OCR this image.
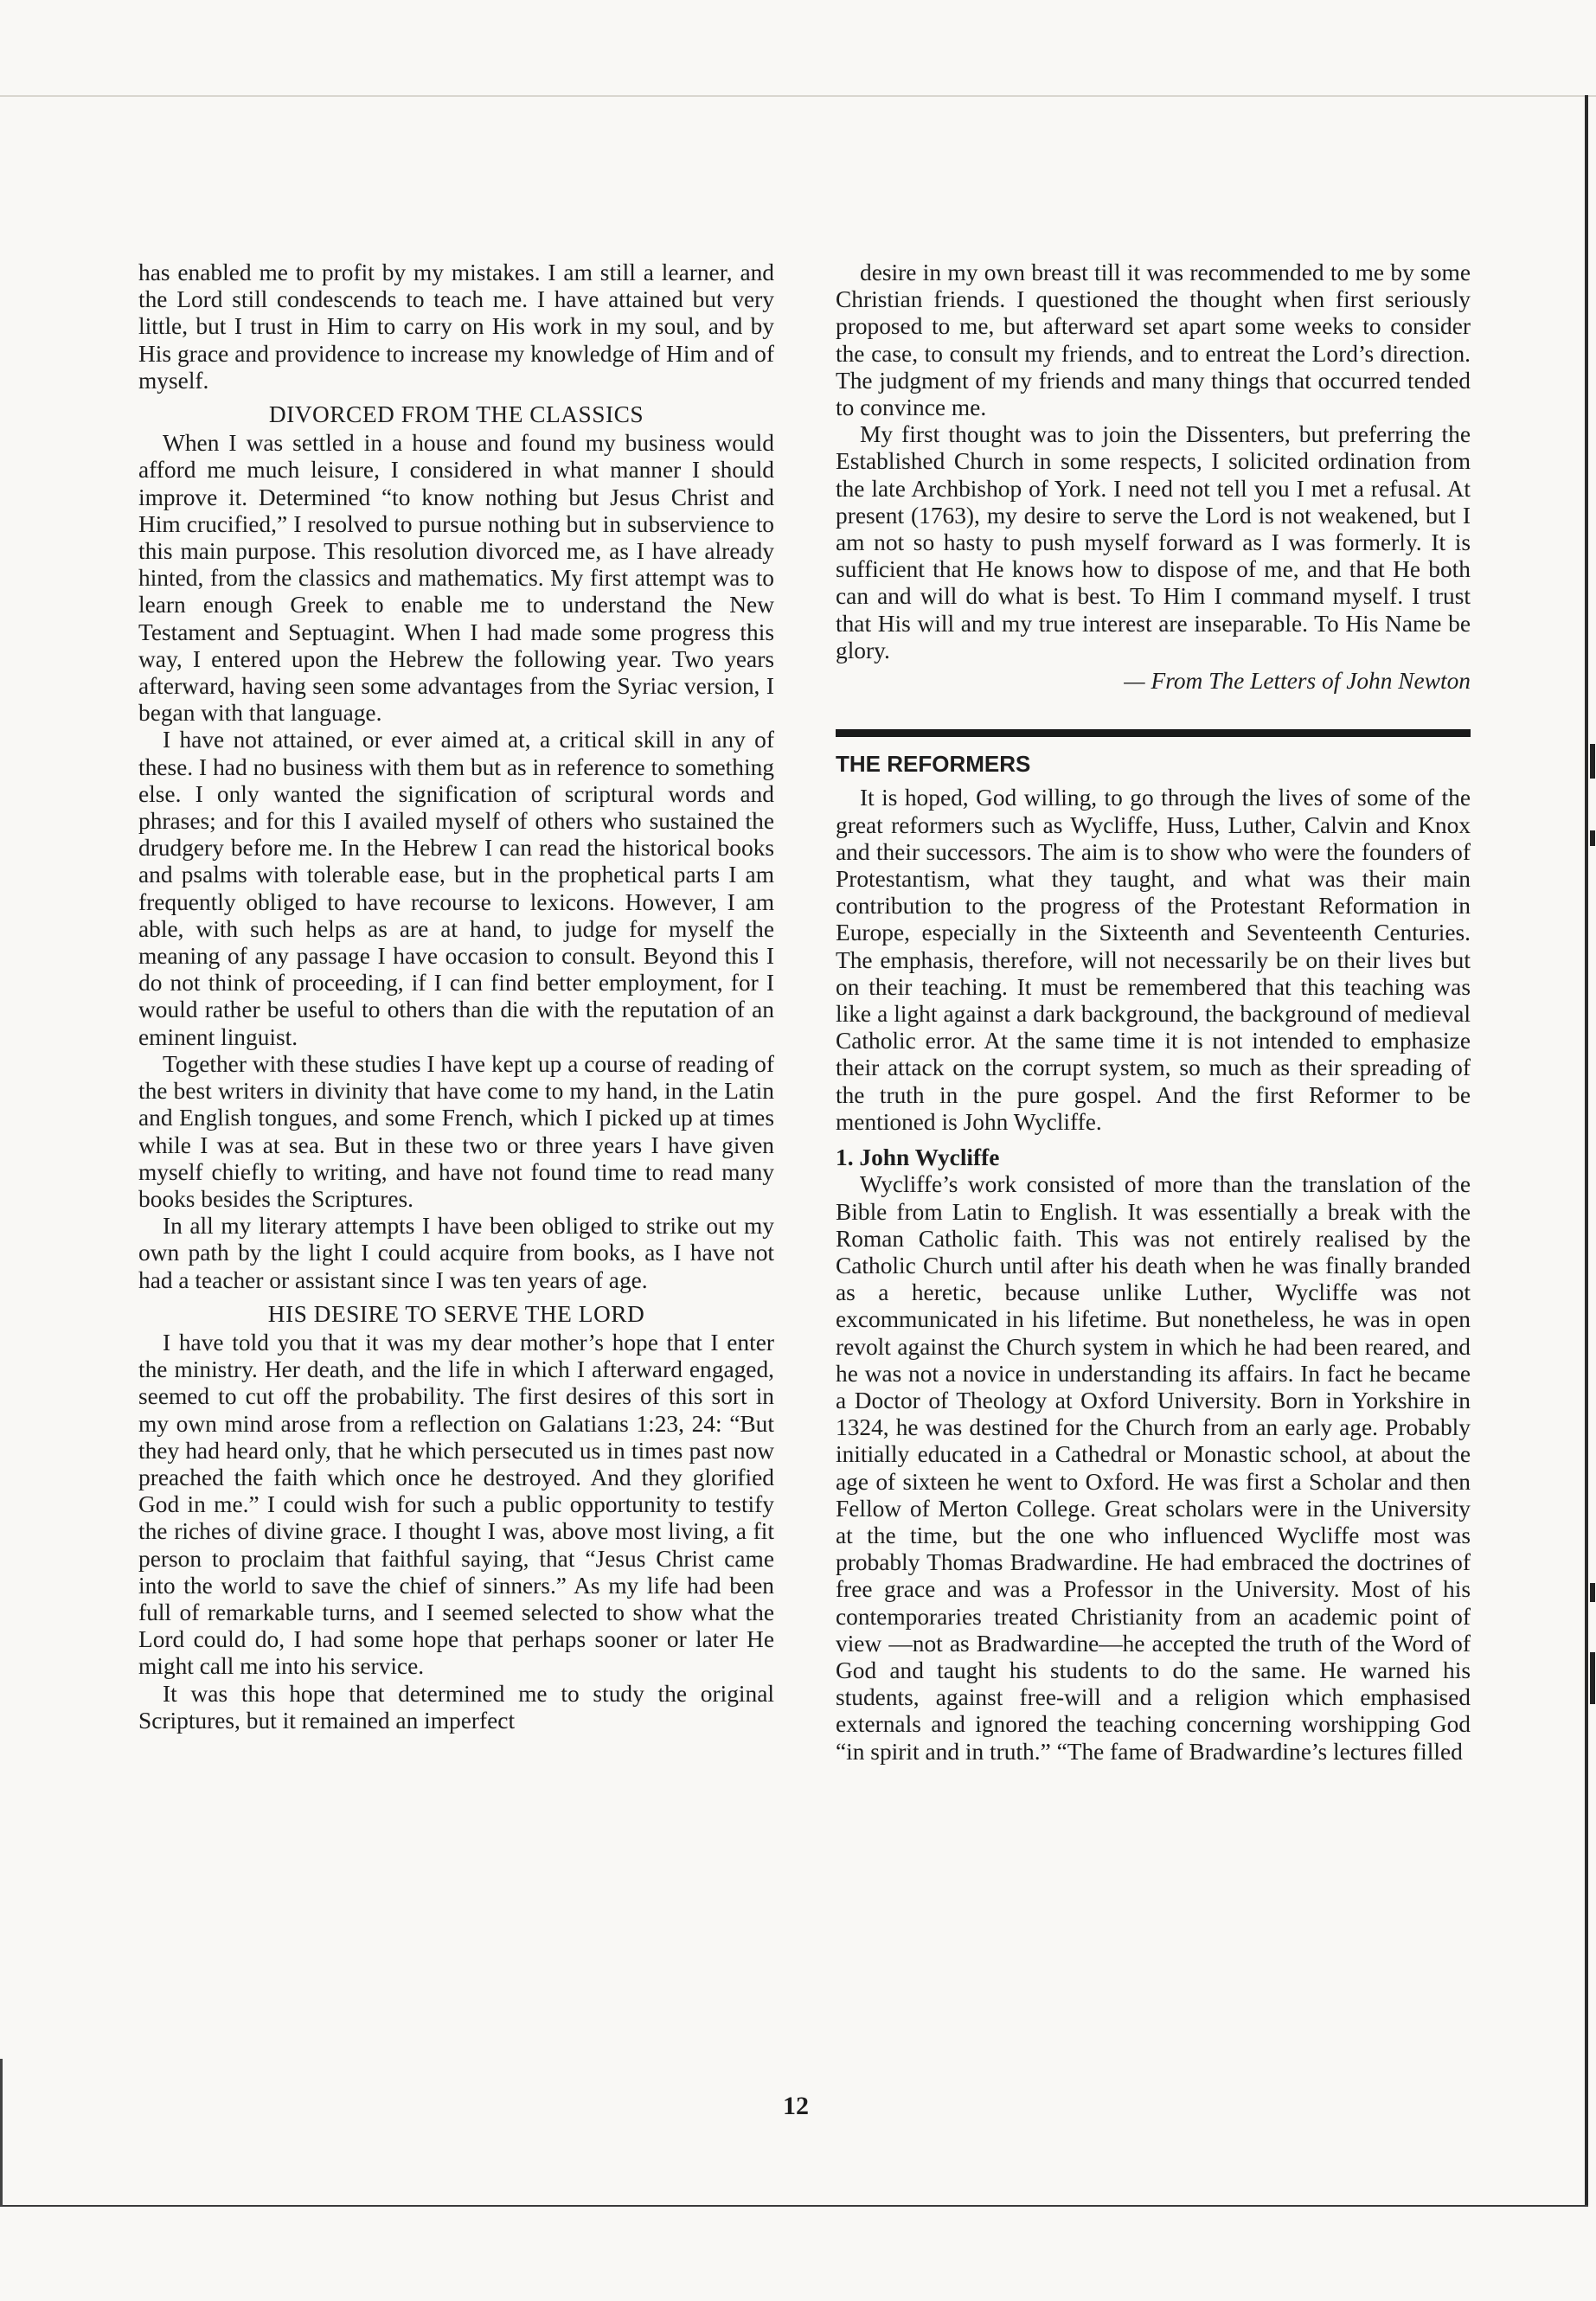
has enabled me to profit by my mistakes. I am still a learner, and the Lord still condescends to teach me. I have attained but very little, but I trust in Him to carry on His work in my soul, and by His grace and providence to increase my knowledge of Him and of myself.

DIVORCED FROM THE CLASSICS

When I was settled in a house and found my business would afford me much leisure, I considered in what manner I should improve it. Determined “to know nothing but Jesus Christ and Him crucified,” I resolved to pursue nothing but in subservience to this main purpose. This resolution divorced me, as I have already hinted, from the classics and mathematics. My first attempt was to learn enough Greek to enable me to understand the New Testament and Septuagint. When I had made some progress this way, I entered upon the Hebrew the following year. Two years afterward, having seen some advantages from the Syriac version, I began with that language.

I have not attained, or ever aimed at, a critical skill in any of these. I had no business with them but as in reference to something else. I only wanted the signification of scriptural words and phrases; and for this I availed myself of others who sustained the drudgery before me. In the Hebrew I can read the historical books and psalms with tolerable ease, but in the prophetical parts I am frequently obliged to have recourse to lexicons. However, I am able, with such helps as are at hand, to judge for myself the meaning of any passage I have occasion to consult. Beyond this I do not think of proceeding, if I can find better employment, for I would rather be useful to others than die with the reputation of an eminent linguist.

Together with these studies I have kept up a course of reading of the best writers in divinity that have come to my hand, in the Latin and English tongues, and some French, which I picked up at times while I was at sea. But in these two or three years I have given myself chiefly to writing, and have not found time to read many books besides the Scriptures.

In all my literary attempts I have been obliged to strike out my own path by the light I could acquire from books, as I have not had a teacher or assistant since I was ten years of age.

HIS DESIRE TO SERVE THE LORD

I have told you that it was my dear mother’s hope that I enter the ministry. Her death, and the life in which I afterward engaged, seemed to cut off the probability. The first desires of this sort in my own mind arose from a reflection on Galatians 1:23, 24: “But they had heard only, that he which persecuted us in times past now preached the faith which once he destroyed. And they glorified God in me.” I could wish for such a public opportunity to testify the riches of divine grace. I thought I was, above most living, a fit person to proclaim that faithful saying, that “Jesus Christ came into the world to save the chief of sinners.” As my life had been full of remarkable turns, and I seemed selected to show what the Lord could do, I had some hope that perhaps sooner or later He might call me into his service.

It was this hope that determined me to study the original Scriptures, but it remained an imperfect

desire in my own breast till it was recommended to me by some Christian friends. I questioned the thought when first seriously proposed to me, but afterward set apart some weeks to consider the case, to consult my friends, and to entreat the Lord’s direction. The judgment of my friends and many things that occurred tended to convince me.

My first thought was to join the Dissenters, but preferring the Established Church in some respects, I solicited ordination from the late Archbishop of York. I need not tell you I met a refusal. At present (1763), my desire to serve the Lord is not weakened, but I am not so hasty to push myself forward as I was formerly. It is sufficient that He knows how to dispose of me, and that He both can and will do what is best. To Him I command myself. I trust that His will and my true interest are inseparable. To His Name be glory.

— From The Letters of John Newton
THE REFORMERS

It is hoped, God willing, to go through the lives of some of the great reformers such as Wycliffe, Huss, Luther, Calvin and Knox and their successors. The aim is to show who were the founders of Protestantism, what they taught, and what was their main contribution to the progress of the Protestant Reformation in Europe, especially in the Sixteenth and Seventeenth Centuries. The emphasis, therefore, will not necessarily be on their lives but on their teaching. It must be remembered that this teaching was like a light against a dark background, the background of medieval Catholic error. At the same time it is not intended to emphasize their attack on the corrupt system, so much as their spreading of the truth in the pure gospel. And the first Reformer to be mentioned is John Wycliffe.

1. John Wycliffe

Wycliffe’s work consisted of more than the translation of the Bible from Latin to English. It was essentially a break with the Roman Catholic faith. This was not entirely realised by the Catholic Church until after his death when he was finally branded as a heretic, because unlike Luther, Wycliffe was not excommunicated in his lifetime. But nonetheless, he was in open revolt against the Church system in which he had been reared, and he was not a novice in understanding its affairs. In fact he became a Doctor of Theology at Oxford University. Born in Yorkshire in 1324, he was destined for the Church from an early age. Probably initially educated in a Cathedral or Monastic school, at about the age of sixteen he went to Oxford. He was first a Scholar and then Fellow of Merton College. Great scholars were in the University at the time, but the one who influenced Wycliffe most was probably Thomas Bradwardine. He had embraced the doctrines of free grace and was a Professor in the University. Most of his contemporaries treated Christianity from an academic point of view —not as Bradwardine—he accepted the truth of the Word of God and taught his students to do the same. He warned his students, against free-will and a religion which emphasised externals and ignored the teaching concerning worshipping God “in spirit and in truth.” “The fame of Bradwardine’s lectures filled

12
